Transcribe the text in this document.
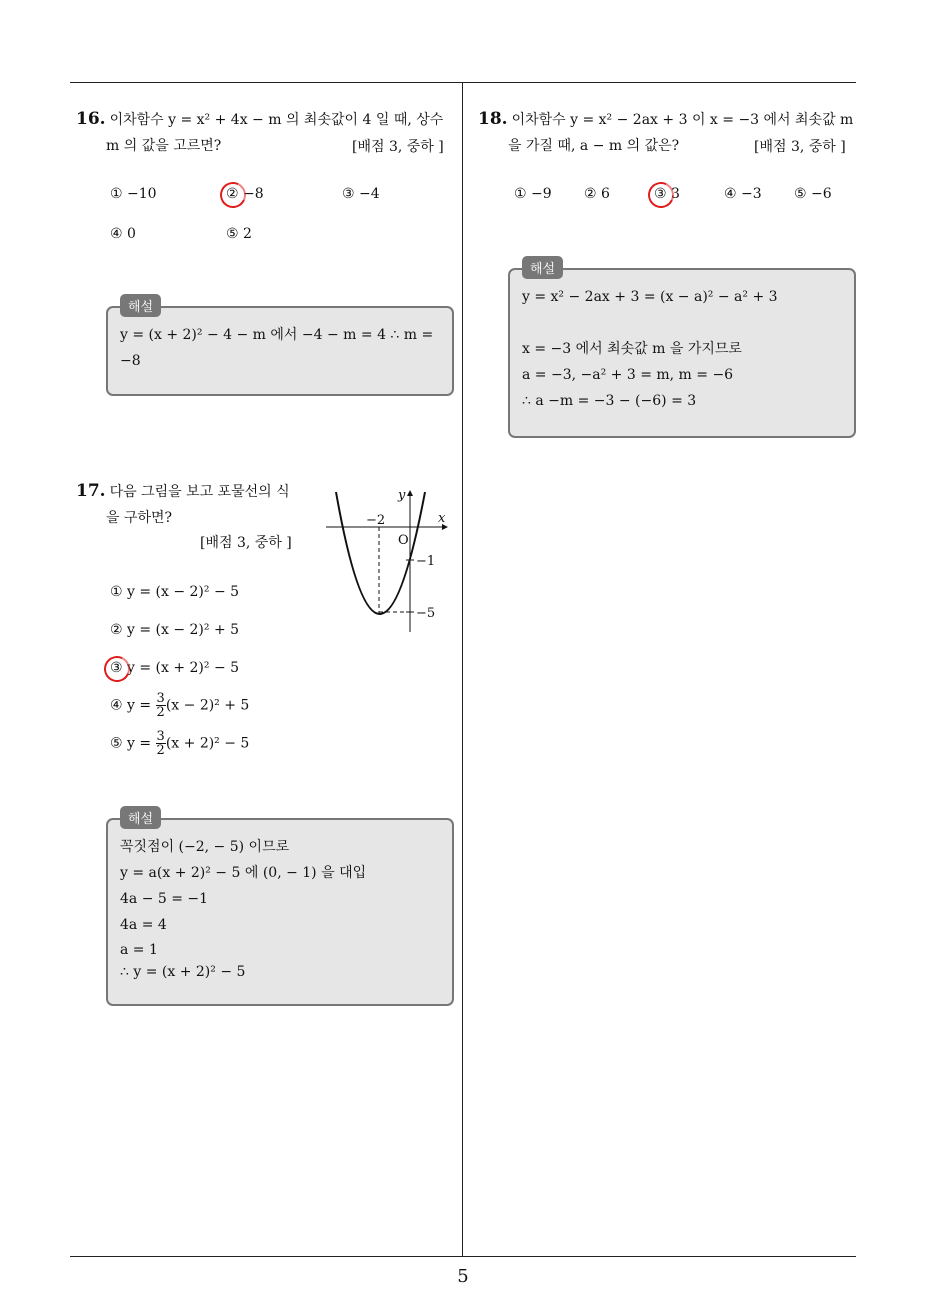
5
16. 이차함수 y = x² + 4x − m 의 최솟값이 4 일 때, 상수
m 의 값을 고르면?	[배점 3, 중하 ]
① −10	② −8	③ −4
④ 0	⑤ 2
y = (x + 2)² − 4 − m 에서 −4 − m = 4 ∴ m =
−8
해설
17. 다음 그림을 보고 포물선의 식
을 구하면?
[배점 3, 중하 ]
y
x
O
−2
−1
−5
① y = (x − 2)² − 5
② y = (x − 2)² + 5
③ y = (x + 2)² − 5
④ $y = \frac{3}{2} (x - 2)^2 + 5$
⑤ $y = \frac{3}{2} (x + 2)^2 - 5$
꼭짓점이 (−2, − 5) 이므로
y = a(x + 2)² − 5 에 (0, − 1) 을 대입
4a − 5 = −1
4a = 4
a = 1
∴ y = (x + 2)² − 5
해설
18. 이차함수 y = x² − 2ax + 3 이 x = −3 에서 최솟값 m
을 가질 때, a − m 의 값은?	[배점 3, 중하 ]
① −9 ② 6	③ 3	④ −3 ⑤ −6
y = x² − 2ax + 3 = (x − a)² − a² + 3
x = −3 에서 최솟값 m 을 가지므로
a = −3, −a² + 3 = m, m = −6
∴ a −m = −3 − (−6) = 3
해설
